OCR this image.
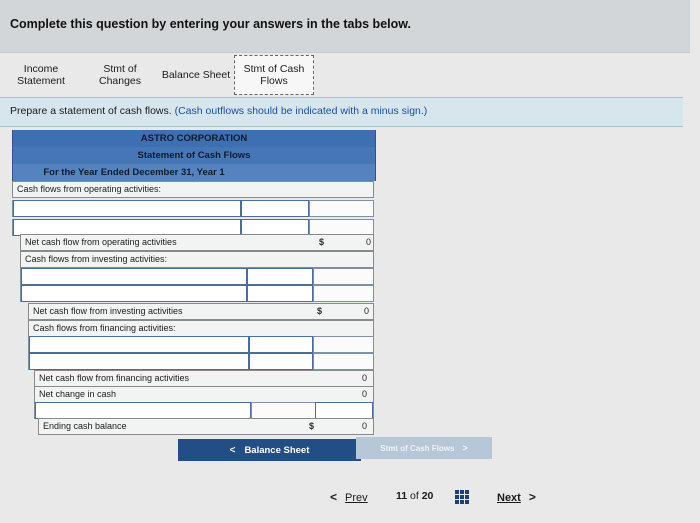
Complete this question by entering your answers in the tabs below.
Income
Statement
Stmt of
Changes	Balance Sheet	Stmt of Cash
Flows
Prepare a statement of cash flows. (Cash outflows should be indicated with a minus sign.)
ASTRO CORPORATION
Statement of Cash Flows
For the Year Ended December 31, Year 1
Cash flows from operating activities:
Net cash flow from operating activities	$	0
Cash flows from investing activities:
Net cash flow from investing activities	$	0
Cash flows from financing activities:
Net cash flow from financing activities	0
Net change in cash	0
Ending cash balance	$	0
< Balance Sheet	Stmt of Cash Flows >
< Prev	11 of 20	Next >
